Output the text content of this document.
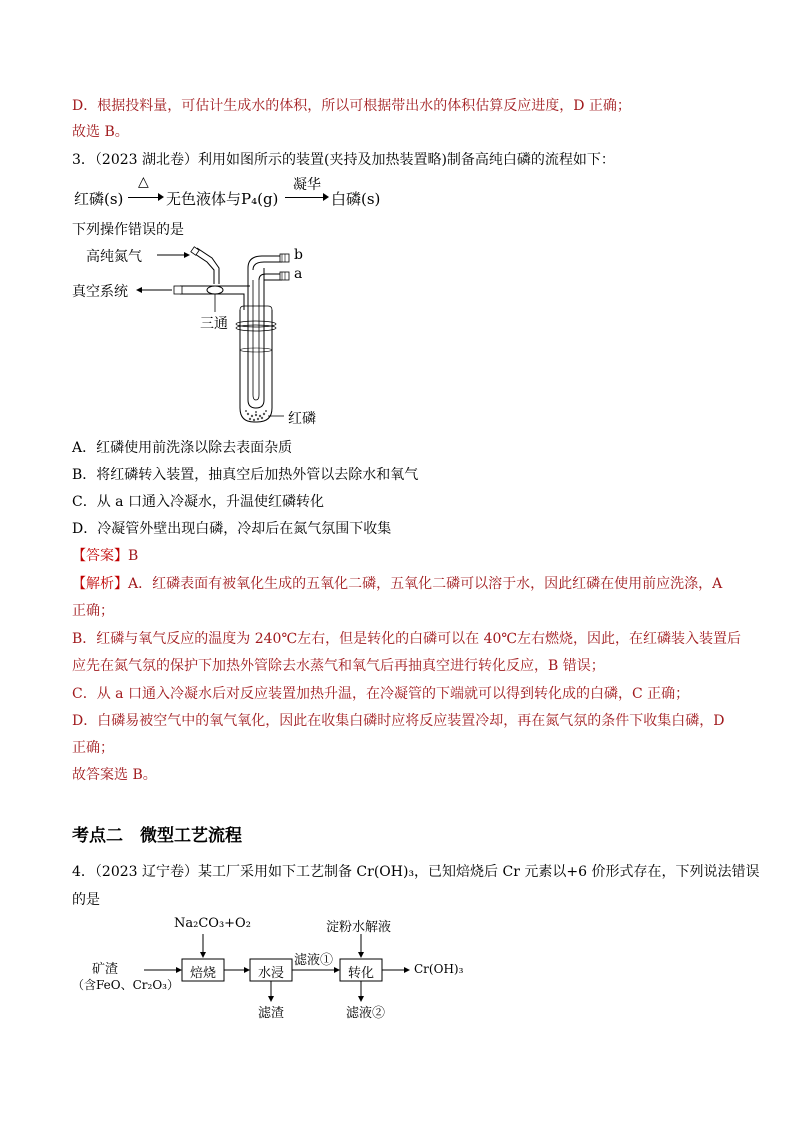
D．根据投料量，可估计生成水的体积，所以可根据带出水的体积估算反应进度，D 正确；
故选 B。
3．（2023 湖北卷）利用如图所示的装置(夹持及加热装置略)制备高纯白磷的流程如下：
红磷(s)
△
无色液体与P₄(g)
凝华
白磷(s)
下列操作错误的是
高纯氮气
真空系统
三通
b
a
红磷
A．红磷使用前洗涤以除去表面杂质
B．将红磷转入装置，抽真空后加热外管以去除水和氧气
C．从 a 口通入冷凝水，升温使红磷转化
D．冷凝管外壁出现白磷，冷却后在氮气氛围下收集
【答案】B
【解析】A．红磷表面有被氧化生成的五氧化二磷，五氧化二磷可以溶于水，因此红磷在使用前应洗涤，A
正确；
B．红磷与氧气反应的温度为 240℃左右，但是转化的白磷可以在 40℃左右燃烧，因此，在红磷装入装置后
应先在氮气氛的保护下加热外管除去水蒸气和氧气后再抽真空进行转化反应，B 错误；
C．从 a 口通入冷凝水后对反应装置加热升温，在冷凝管的下端就可以得到转化成的白磷，C 正确；
D．白磷易被空气中的氧气氧化，因此在收集白磷时应将反应装置冷却，再在氮气氛的条件下收集白磷，D
正确；
故答案选 B。
考点二　微型工艺流程
4．（2023 辽宁卷）某工厂采用如下工艺制备 Cr(OH)₃，已知焙烧后 Cr 元素以+6 价形式存在，下列说法错误
的是
Na₂CO₃+O₂	淀粉水解液
矿渣
（含FeO、Cr₂O₃）
焙烧	水浸	转化
滤液①
Cr(OH)₃
滤渣	滤液②
